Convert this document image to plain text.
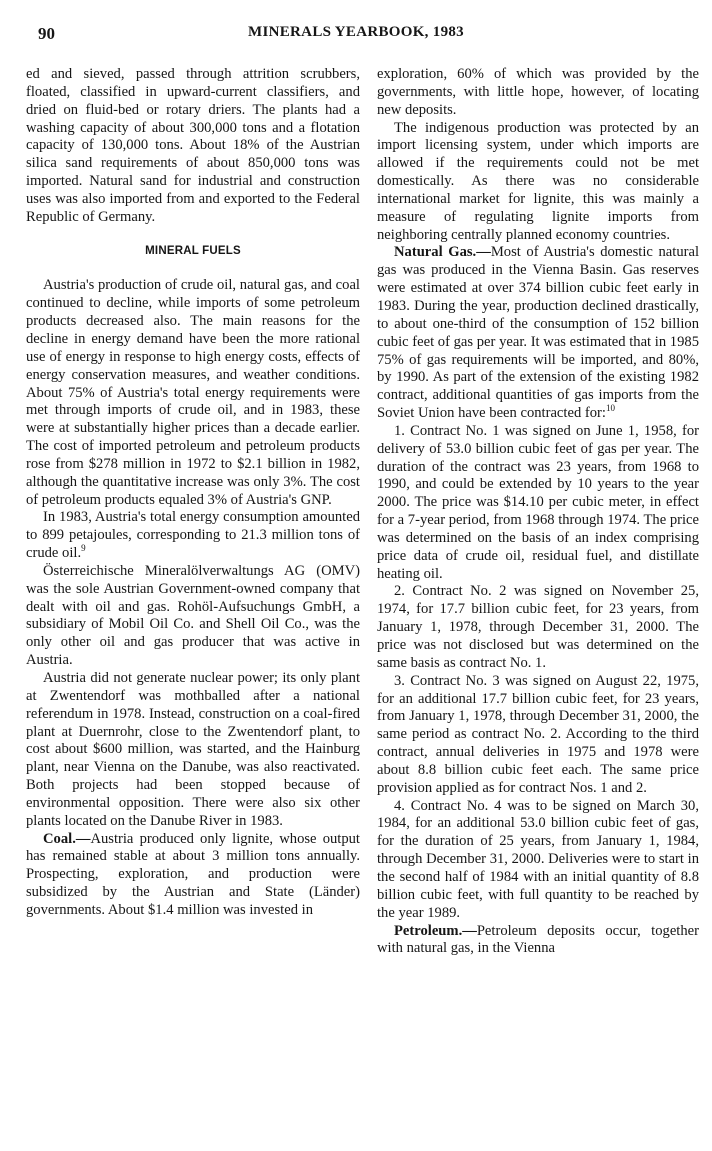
90	MINERALS YEARBOOK, 1983

ed and sieved, passed through attrition scrubbers, floated, classified in upward-current classifiers, and dried on fluid-bed or rotary driers. The plants had a washing capacity of about 300,000 tons and a flotation capacity of 130,000 tons. About 18% of the Austrian silica sand requirements of about 850,000 tons was imported. Natural sand for industrial and construction uses was also imported from and exported to the Federal Republic of Germany.

MINERAL FUELS

Austria's production of crude oil, natural gas, and coal continued to decline, while imports of some petroleum products decreased also. The main reasons for the decline in energy demand have been the more rational use of energy in response to high energy costs, effects of energy conservation measures, and weather conditions. About 75% of Austria's total energy requirements were met through imports of crude oil, and in 1983, these were at substantially higher prices than a decade earlier. The cost of imported petroleum and petroleum products rose from $278 million in 1972 to $2.1 billion in 1982, although the quantitative increase was only 3%. The cost of petroleum products equaled 3% of Austria's GNP.

In 1983, Austria's total energy consumption amounted to 899 petajoules, corresponding to 21.3 million tons of crude oil.$^9$

Österreichische Mineralölverwaltungs AG (OMV) was the sole Austrian Government-owned company that dealt with oil and gas. Rohöl-Aufsuchungs GmbH, a subsidiary of Mobil Oil Co. and Shell Oil Co., was the only other oil and gas producer that was active in Austria.

Austria did not generate nuclear power; its only plant at Zwentendorf was mothballed after a national referendum in 1978. Instead, construction on a coal-fired plant at Duernrohr, close to the Zwentendorf plant, to cost about $600 million, was started, and the Hainburg plant, near Vienna on the Danube, was also reactivated. Both projects had been stopped because of environmental opposition. There were also six other plants located on the Danube River in 1983.

Coal.—Austria produced only lignite, whose output has remained stable at about 3 million tons annually. Prospecting, exploration, and production were subsidized by the Austrian and State (Länder) governments. About $1.4 million was invested in

exploration, 60% of which was provided by the governments, with little hope, however, of locating new deposits.

The indigenous production was protected by an import licensing system, under which imports are allowed if the requirements could not be met domestically. As there was no considerable international market for lignite, this was mainly a measure of regulating lignite imports from neighboring centrally planned economy countries.

Natural Gas.—Most of Austria's domestic natural gas was produced in the Vienna Basin. Gas reserves were estimated at over 374 billion cubic feet early in 1983. During the year, production declined drastically, to about one-third of the consumption of 152 billion cubic feet of gas per year. It was estimated that in 1985 75% of gas requirements will be imported, and 80%, by 1990. As part of the extension of the existing 1982 contract, additional quantities of gas imports from the Soviet Union have been contracted for:$^{10}$

1. Contract No. 1 was signed on June 1, 1958, for delivery of 53.0 billion cubic feet of gas per year. The duration of the contract was 23 years, from 1968 to 1990, and could be extended by 10 years to the year 2000. The price was $14.10 per cubic meter, in effect for a 7-year period, from 1968 through 1974. The price was determined on the basis of an index comprising price data of crude oil, residual fuel, and distillate heating oil.

2. Contract No. 2 was signed on November 25, 1974, for 17.7 billion cubic feet, for 23 years, from January 1, 1978, through December 31, 2000. The price was not disclosed but was determined on the same basis as contract No. 1.

3. Contract No. 3 was signed on August 22, 1975, for an additional 17.7 billion cubic feet, for 23 years, from January 1, 1978, through December 31, 2000, the same period as contract No. 2. According to the third contract, annual deliveries in 1975 and 1978 were about 8.8 billion cubic feet each. The same price provision applied as for contract Nos. 1 and 2.

4. Contract No. 4 was to be signed on March 30, 1984, for an additional 53.0 billion cubic feet of gas, for the duration of 25 years, from January 1, 1984, through December 31, 2000. Deliveries were to start in the second half of 1984 with an initial quantity of 8.8 billion cubic feet, with full quantity to be reached by the year 1989.

Petroleum.—Petroleum deposits occur, together with natural gas, in the Vienna
